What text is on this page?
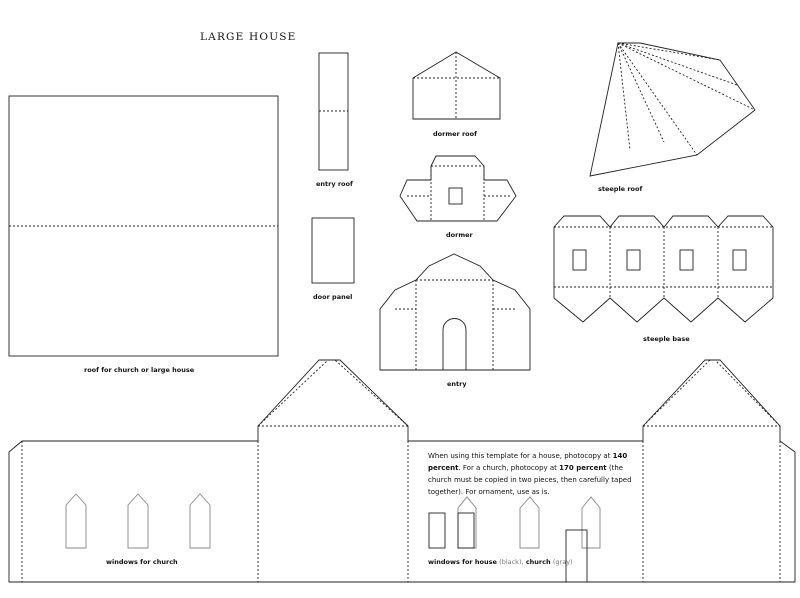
LARGE HOUSE
entry roof
dormer roof
steeple roof
dormer
door panel
entry
steeple base
roof for church or large house
windows for church	windows for house (black), church (gray)
When using this template for a house, photocopy at 140 percent. For a church, photocopy at 170 percent (the church must be copied in two pieces, then carefully taped together). For ornament, use as is.
